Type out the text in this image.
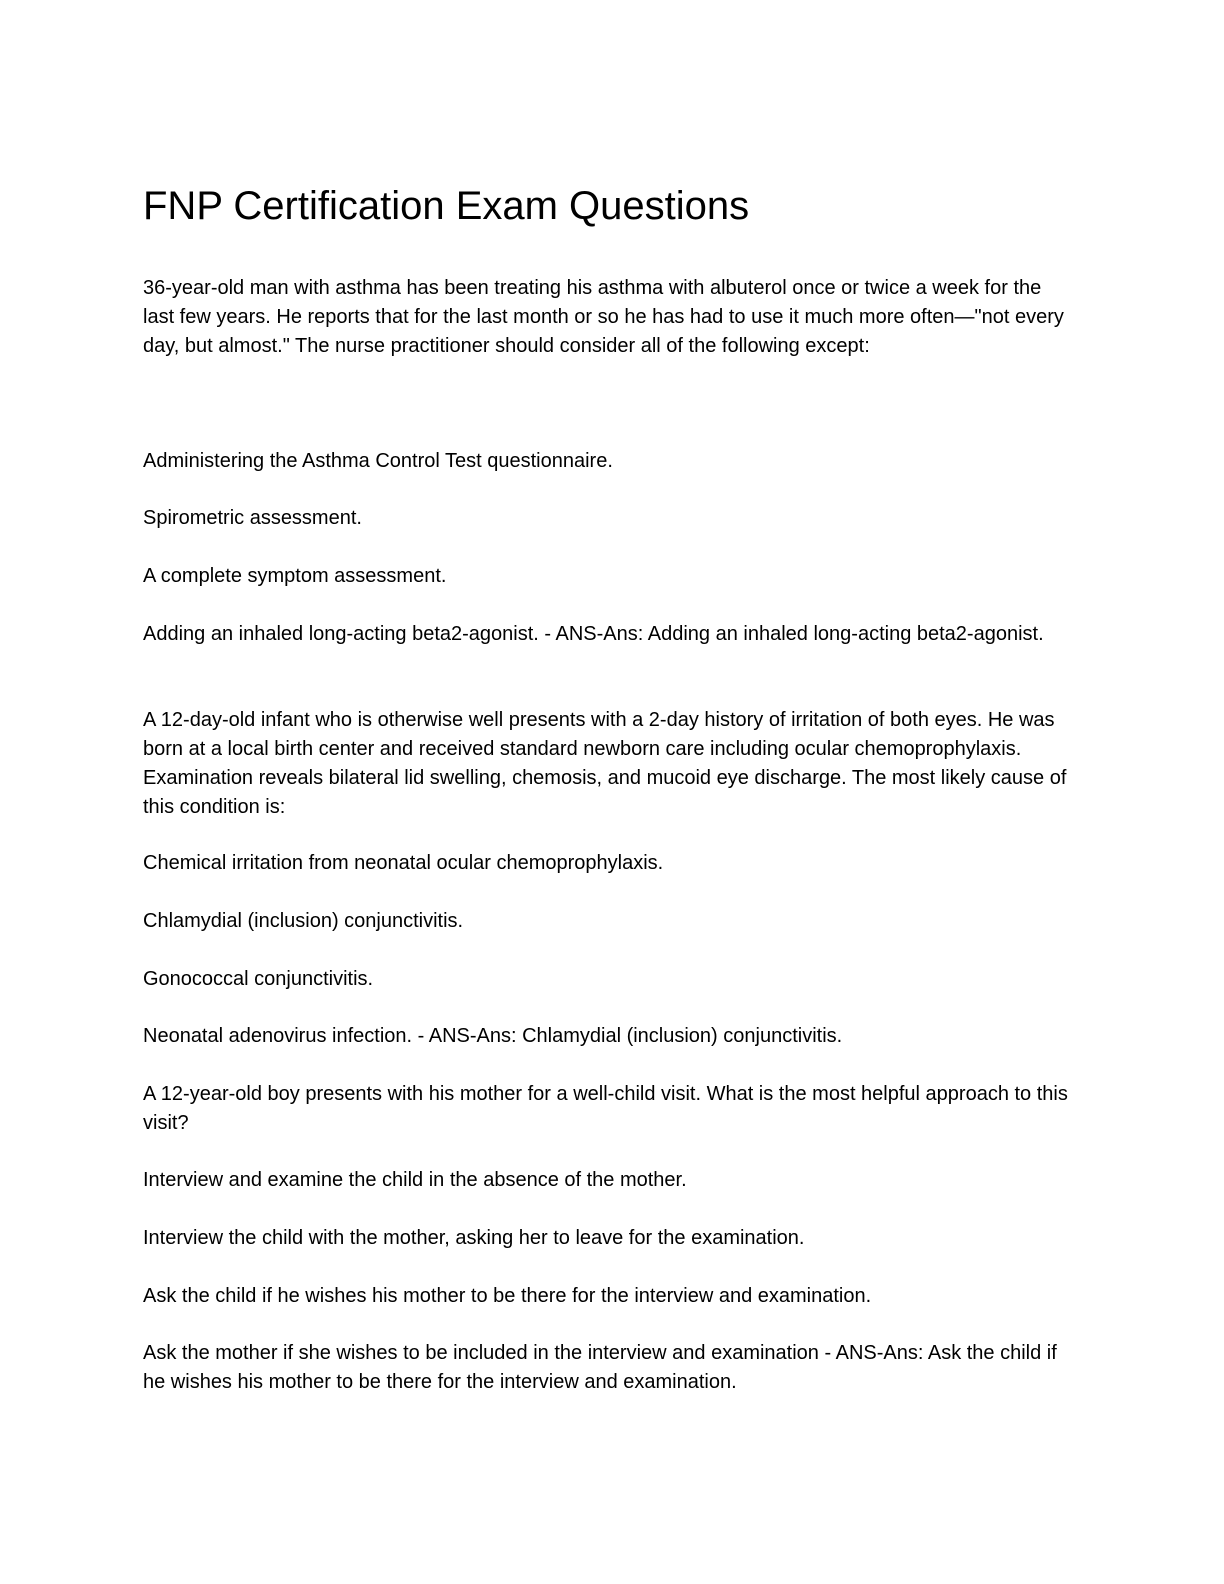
FNP Certification Exam Questions

36-year-old man with asthma has been treating his asthma with albuterol once or twice a week for the last few years. He reports that for the last month or so he has had to use it much more often—"not every day, but almost." The nurse practitioner should consider all of the following except:

Administering the Asthma Control Test questionnaire.

Spirometric assessment.

A complete symptom assessment.

Adding an inhaled long-acting beta2-agonist. - ANS-Ans: Adding an inhaled long-acting beta2-agonist.

A 12-day-old infant who is otherwise well presents with a 2-day history of irritation of both eyes. He was born at a local birth center and received standard newborn care including ocular chemoprophylaxis. Examination reveals bilateral lid swelling, chemosis, and mucoid eye discharge. The most likely cause of this condition is:

Chemical irritation from neonatal ocular chemoprophylaxis.

Chlamydial (inclusion) conjunctivitis.

Gonococcal conjunctivitis.

Neonatal adenovirus infection. - ANS-Ans: Chlamydial (inclusion) conjunctivitis.

A 12-year-old boy presents with his mother for a well-child visit. What is the most helpful approach to this visit?

Interview and examine the child in the absence of the mother.

Interview the child with the mother, asking her to leave for the examination.

Ask the child if he wishes his mother to be there for the interview and examination.

Ask the mother if she wishes to be included in the interview and examination - ANS-Ans: Ask the child if he wishes his mother to be there for the interview and examination.
